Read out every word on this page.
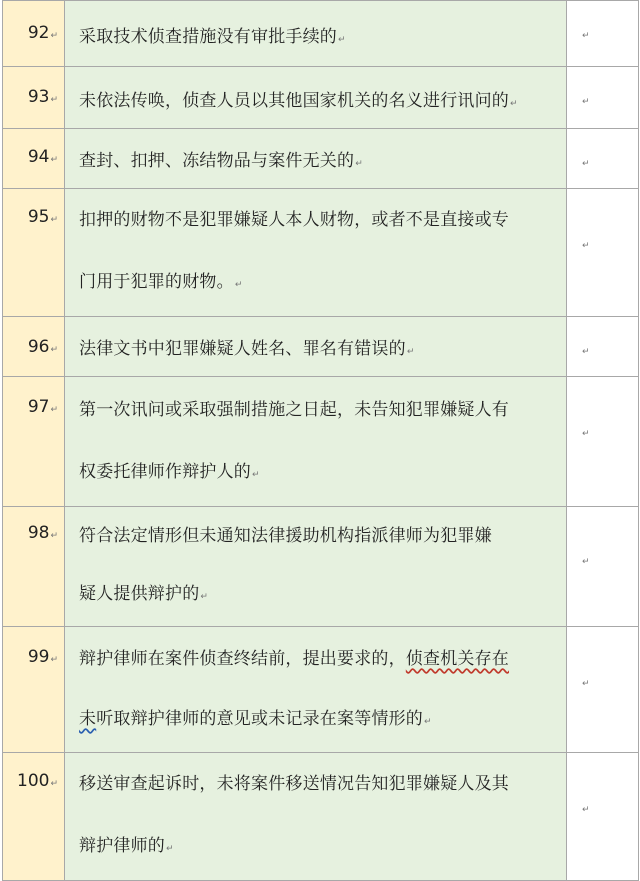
92↵	采取技术侦查措施没有审批手续的↵	↵

93↵	未依法传唤，侦查人员以其他国家机关的名义进行讯问的↵	↵

94↵	查封、扣押、冻结物品与案件无关的↵	↵

95↵	扣押的财物不是犯罪嫌疑人本人财物，或者不是直接或专
门用于犯罪的财物。↵	↵

96↵	法律文书中犯罪嫌疑人姓名、罪名有错误的↵	↵

97↵	第一次讯问或采取强制措施之日起，未告知犯罪嫌疑人有
权委托律师作辩护人的↵	↵

98↵	符合法定情形但未通知法律援助机构指派律师为犯罪嫌
疑人提供辩护的↵	↵

99↵	辩护律师在案件侦查终结前，提出要求的，侦查机关存在
未听取辩护律师的意见或未记录在案等情形的↵	↵

100↵	移送审查起诉时，未将案件移送情况告知犯罪嫌疑人及其
辩护律师的↵	↵
